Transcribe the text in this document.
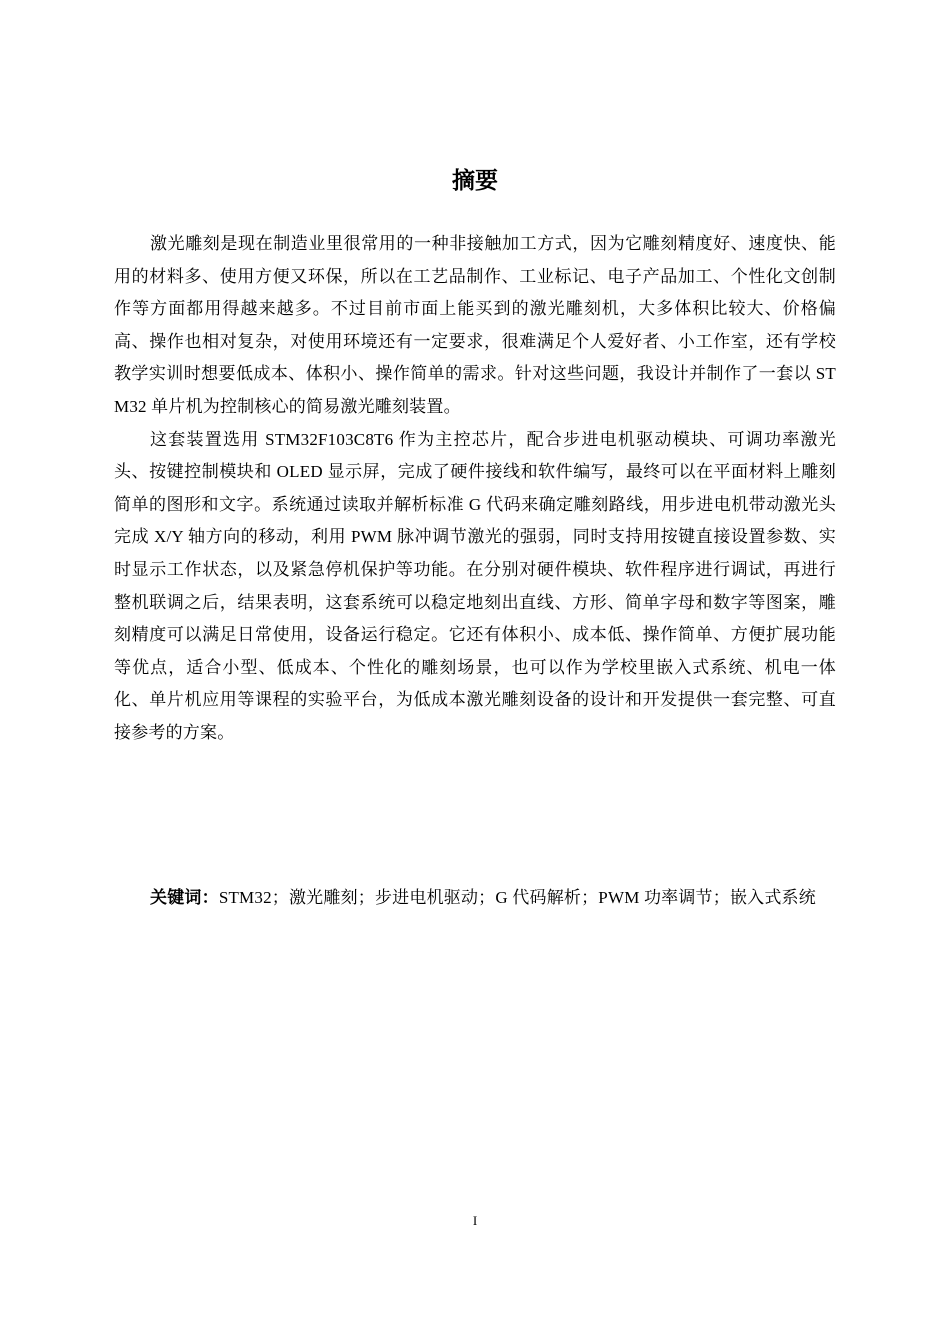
摘要

激光雕刻是现在制造业里很常用的一种非接触加工方式，因为它雕刻精度好、速度快、能用的材料多、使用方便又环保，所以在工艺品制作、工业标记、电子产品加工、个性化文创制作等方面都用得越来越多。不过目前市面上能买到的激光雕刻机，大多体积比较大、价格偏高、操作也相对复杂，对使用环境还有一定要求，很难满足个人爱好者、小工作室，还有学校教学实训时想要低成本、体积小、操作简单的需求。针对这些问题，我设计并制作了一套以 STM32 单片机为控制核心的简易激光雕刻装置。

这套装置选用 STM32F103C8T6 作为主控芯片，配合步进电机驱动模块、可调功率激光头、按键控制模块和 OLED 显示屏，完成了硬件接线和软件编写，最终可以在平面材料上雕刻简单的图形和文字。系统通过读取并解析标准 G 代码来确定雕刻路线，用步进电机带动激光头完成 X/Y 轴方向的移动，利用 PWM 脉冲调节激光的强弱，同时支持用按键直接设置参数、实时显示工作状态，以及紧急停机保护等功能。在分别对硬件模块、软件程序进行调试，再进行整机联调之后，结果表明，这套系统可以稳定地刻出直线、方形、简单字母和数字等图案，雕刻精度可以满足日常使用，设备运行稳定。它还有体积小、成本低、操作简单、方便扩展功能等优点，适合小型、低成本、个性化的雕刻场景，也可以作为学校里嵌入式系统、机电一体化、单片机应用等课程的实验平台，为低成本激光雕刻设备的设计和开发提供一套完整、可直接参考的方案。

关键词：STM32；激光雕刻；步进电机驱动；G 代码解析；PWM 功率调节；嵌入式系统

I
